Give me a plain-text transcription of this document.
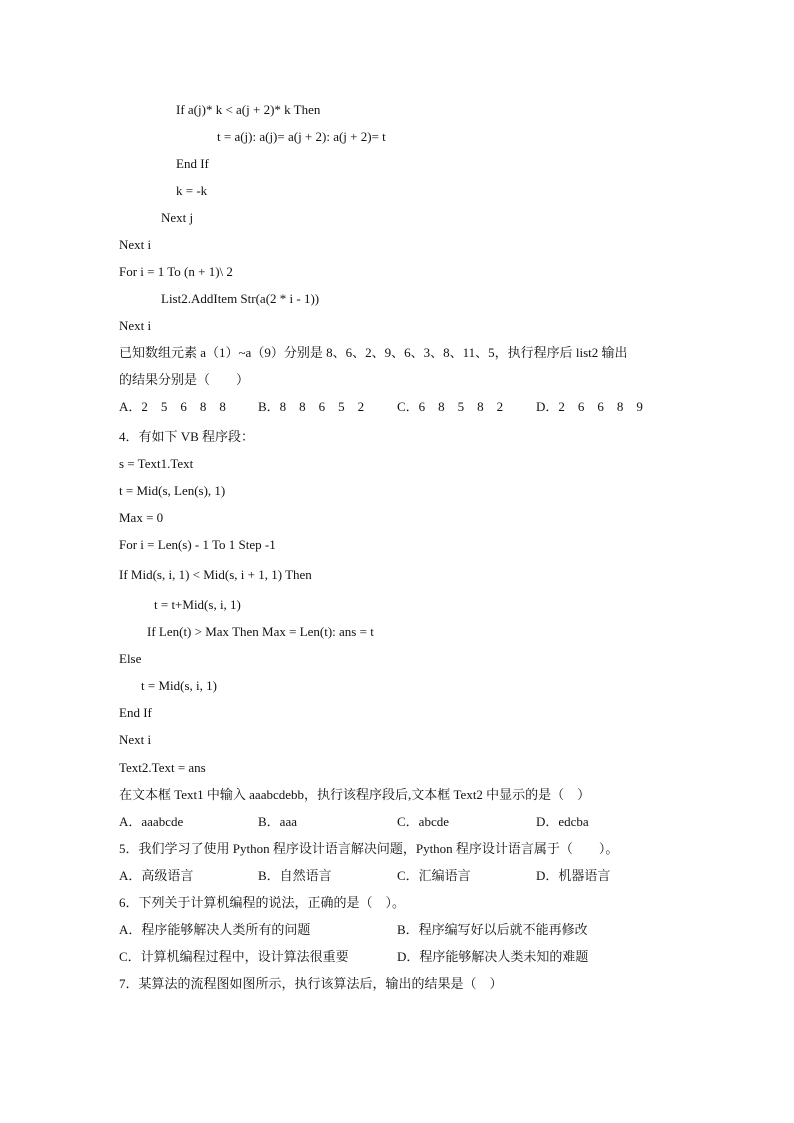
If a(j)* k < a(j + 2)* k Then
t = a(j): a(j)= a(j + 2): a(j + 2)= t
End If
k = -k
Next j
Next i
For i = 1 To (n + 1)\ 2
List2.AddItem Str(a(2 * i - 1))
Next i
已知数组元素 a（1）~a（9）分别是 8、6、2、9、6、3、8、11、5，执行程序后 list2 输出
的结果分别是（　　）
A．2　5　6　8　8 B．8　8　6　5　2	C．6　8　5　8　2	D．2　6　6　8　9
4．有如下 VB 程序段：
s = Text1.Text
t = Mid(s, Len(s), 1)
Max = 0
For i = Len(s) - 1 To 1 Step -1
If Mid(s, i, 1) < Mid(s, i + 1, 1) Then
t = t+Mid(s, i, 1)
If Len(t) > Max Then Max = Len(t): ans = t
Else
t = Mid(s, i, 1)
End If
Next i
Text2.Text = ans
在文本框 Text1 中输入 aaabcdebb，执行该程序段后,文本框 Text2 中显示的是（　）
A．aaabcde	B．aaa	C．abcde	D．edcba
5．我们学习了使用 Python 程序设计语言解决问题，Python 程序设计语言属于（　　）。
A．高级语言	B．自然语言	C．汇编语言	D．机器语言
6．下列关于计算机编程的说法，正确的是（　）。
A．程序能够解决人类所有的问题	B．程序编写好以后就不能再修改
C．计算机编程过程中，设计算法很重要	D．程序能够解决人类未知的难题
7．某算法的流程图如图所示，执行该算法后，输出的结果是（　）
